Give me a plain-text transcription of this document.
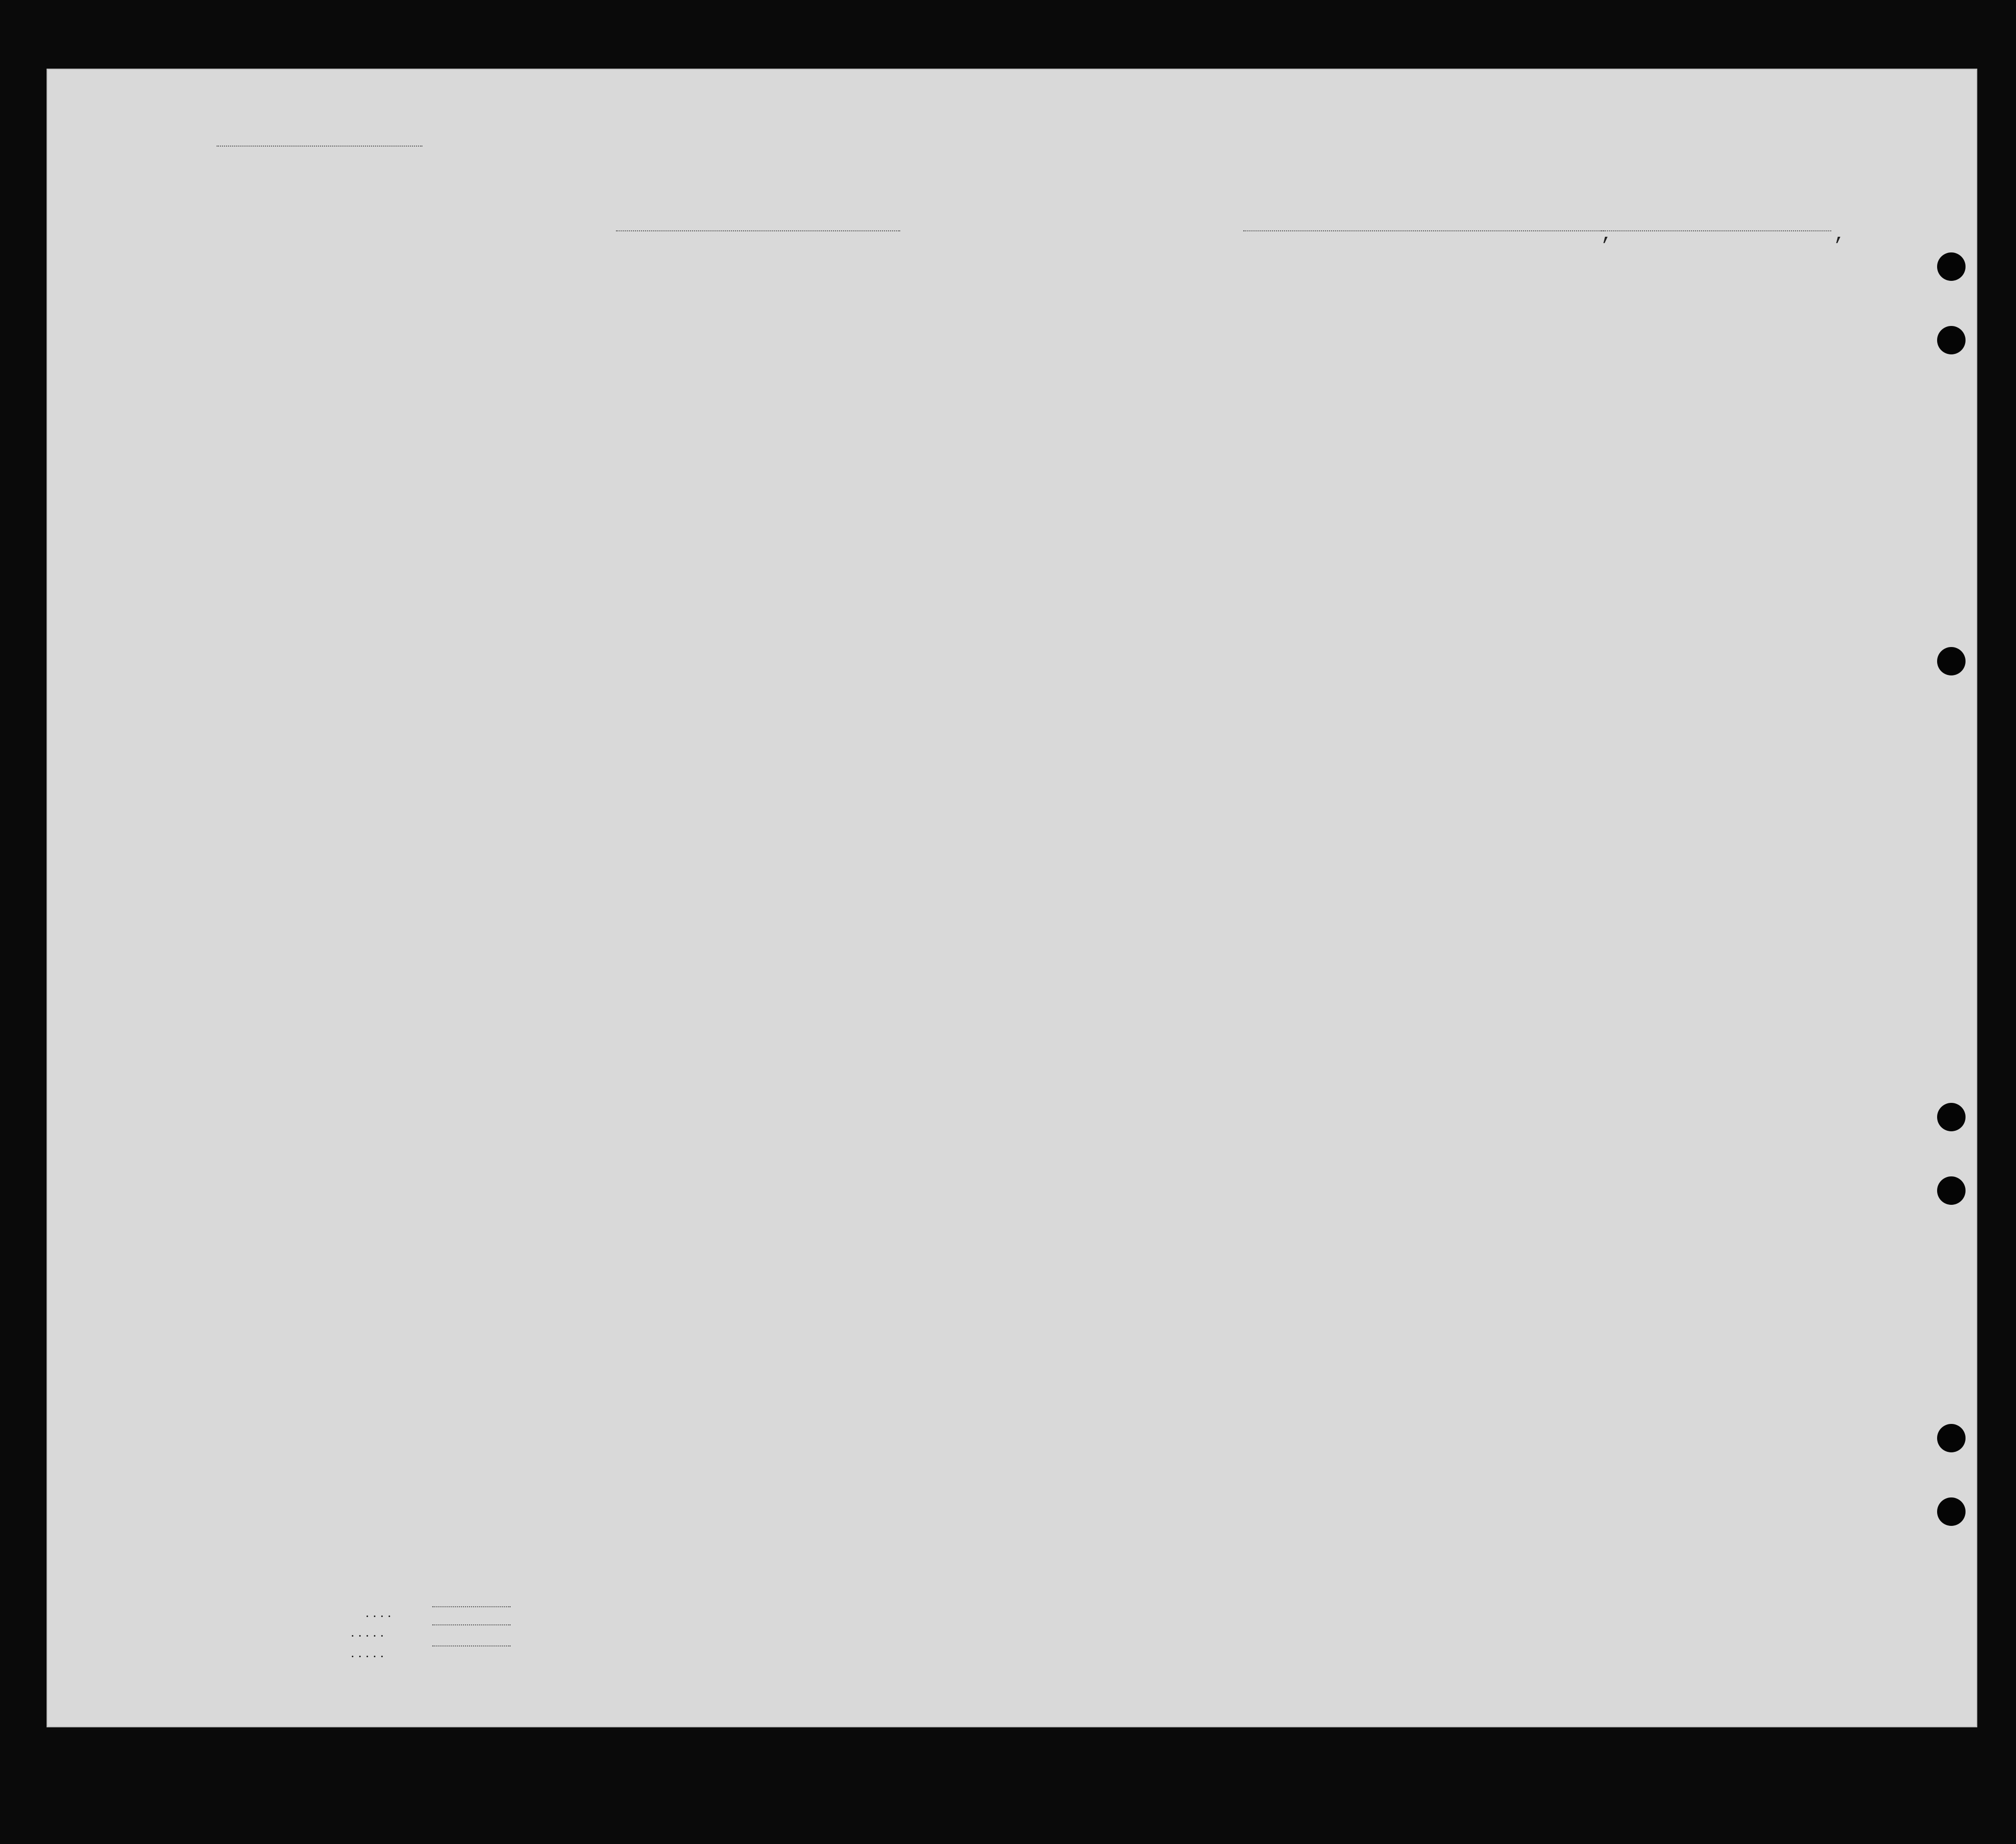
,	,
....
.....
.....
